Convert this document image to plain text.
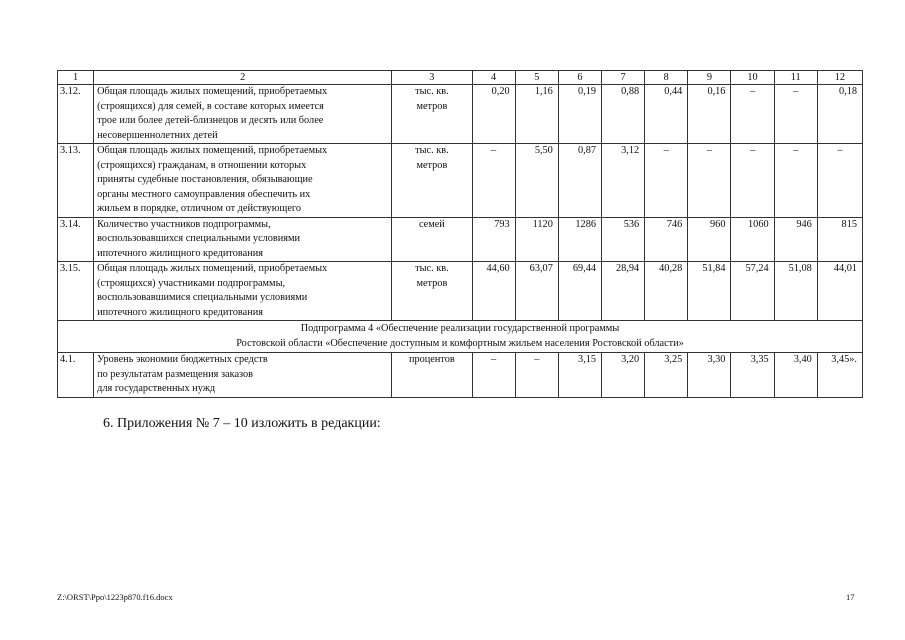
1	2	3	4	5	6	7	8	9	10	11	12
3.12.	Общая площадь жилых помещений, приобретаемых
(строящихся) для семей, в составе которых имеется
трое или более детей-близнецов и десять или более
несовершеннолетних детей	тыс. кв.
метров	0,20	1,16	0,19	0,88	0,44	0,16	–	–	0,18
3.13.	Общая площадь жилых помещений, приобретаемых
(строящихся) гражданам, в отношении которых
приняты судебные постановления, обязывающие
органы местного самоуправления обеспечить их
жильем в порядке, отличном от действующего	тыс. кв.
метров	–	5,50	0,87	3,12	–	–	–	–	–
3.14.	Количество участников подпрограммы,
воспользовавшихся специальными условиями
ипотечного жилищного кредитования	семей	793	1120	1286	536	746	960	1060	946	815
3.15.	Общая площадь жилых помещений, приобретаемых
(строящихся) участниками подпрограммы,
воспользовавшимися специальными условиями
ипотечного жилищного кредитования	тыс. кв.
метров	44,60	63,07	69,44	28,94	40,28	51,84	57,24	51,08	44,01

Подпрограмма 4 «Обеспечение реализации государственной программы
Ростовской области «Обеспечение доступным и комфортным жильем населения Ростовской области»											

4.1.	Уровень экономии бюджетных средств
по результатам размещения заказов
для государственных нужд	процентов	–	–	3,15	3,20	3,25	3,30	3,35	3,40	3,45».

6. Приложения № 7 – 10 изложить в редакции:

Z:\ORST\Ppo\1223p870.f16.docx	17
